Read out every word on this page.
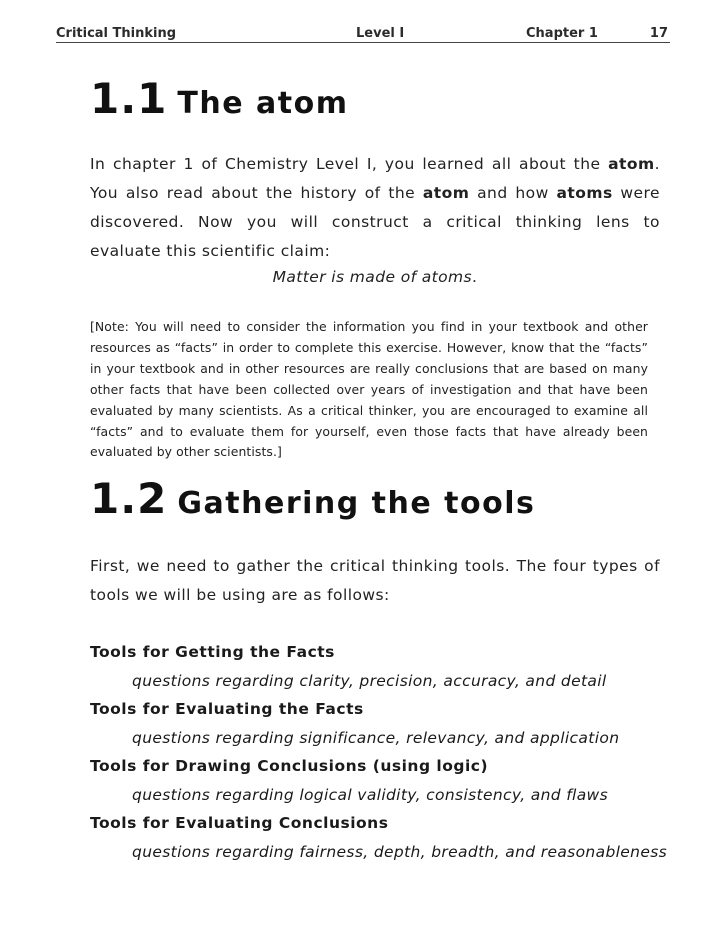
Critical Thinking	Level I	Chapter 1	17
1.1 The atom
In chapter 1 of Chemistry Level I, you learned all about the atom. You also read about the history of the atom and how atoms were discovered. Now you will construct a critical thinking lens to evaluate this scientific claim:
Matter is made of atoms.
[Note: You will need to consider the information you find in your textbook and other resources as “facts” in order to complete this exercise. However, know that the “facts” in your textbook and in other resources are really conclusions that are based on many other facts that have been collected over years of investigation and that have been evaluated by many scientists. As a critical thinker, you are encouraged to examine all “facts” and to evaluate them for yourself, even those facts that have already been evaluated by other scientists.]
1.2 Gathering the tools
First, we need to gather the critical thinking tools. The four types of tools we will be using are as follows:
Tools for Getting the Facts
questions regarding clarity, precision, accuracy, and detail
Tools for Evaluating the Facts
questions regarding significance, relevancy, and application
Tools for Drawing Conclusions (using logic)
questions regarding logical validity, consistency, and flaws
Tools for Evaluating Conclusions
questions regarding fairness, depth, breadth, and reasonableness
